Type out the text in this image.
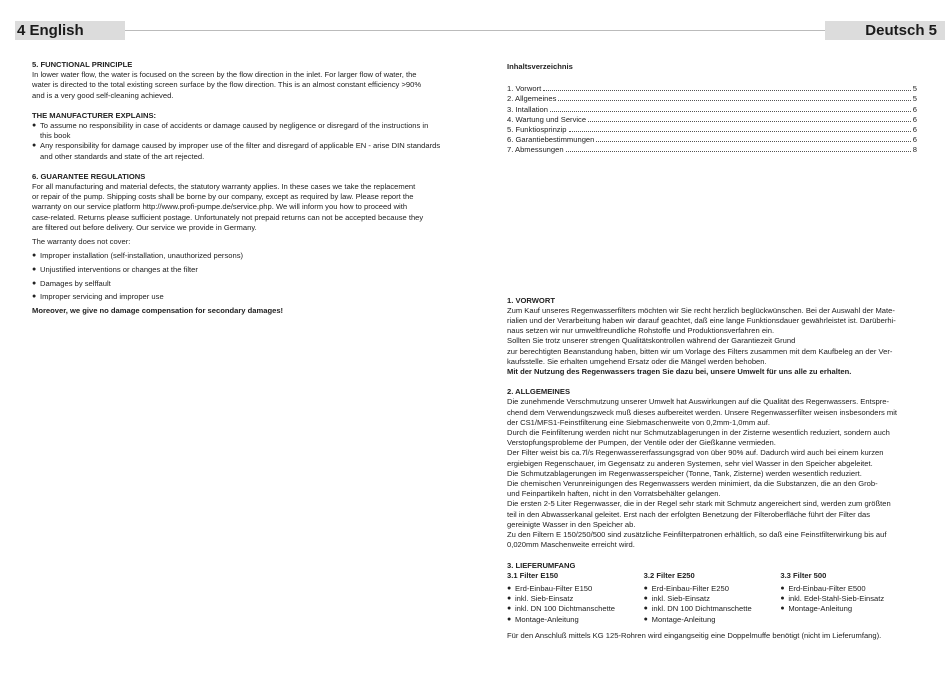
4 English	Deutsch 5
5. FUNCTIONAL PRINCIPLE

In lower water flow, the water is focused on the screen by the flow direction in the inlet. For larger flow of water, the

water is directed to the total existing screen surface by the flow direction. This is an almost constant efficiency >90%

and is a very good self-cleaning achieved.

THE MANUFACTURER EXPLAINS:
● To assume no responsibility in case of accidents or damage caused by negligence or disregard of the instructions in this book
● Any responsibility for damage caused by improper use of the filter and disregard of applicable EN - arise DIN standards and other standards and state of the art rejected.
6. GUARANTEE REGULATIONS

For all manufacturing and material defects, the statutory warranty applies. In these cases we take the replacement

or repair of the pump. Shipping costs shall be borne by our company, except as required by law. Please report the

warranty on our service platform http://www.profi-pumpe.de/service.php. We will inform you how to proceed with

case-related. Returns please sufficient postage. Unfortunately not prepaid returns can not be accepted because they

are filtered out before delivery. Our service we provide in Germany.

The warranty does not cover:

● Improper installation (self-installation, unauthorized persons)
● Unjustified interventions or changes at the filter
● Damages by selffault
● Improper servicing and improper use

Moreover, we give no damage compensation for secondary damages!

Inhaltsverzeichnis
1. Vorwort	5
2. Allgemeines	5
3. Intallation	6
4. Wartung und Service	6
5. Funktiosprinzip	6
6. Garantiebestimmungen	6
7. Abmessungen	8
1. VORWORT

Zum Kauf unseres Regenwasserfilters möchten wir Sie recht herzlich beglückwünschen. Bei der Auswahl der Mate-

rialien und der Verarbeitung haben wir darauf geachtet, daß eine lange Funktionsdauer gewährleistet ist. Darüberhi-

naus setzen wir nur umweltfreundliche Rohstoffe und Produktionsverfahren ein.

Sollten Sie trotz unserer strengen Qualitätskontrollen während der Garantiezeit Grund

zur berechtigten Beanstandung haben, bitten wir um Vorlage des Filters zusammen mit dem Kaufbeleg an der Ver-

kaufsstelle. Sie erhalten umgehend Ersatz oder die Mängel werden behoben.

Mit der Nutzung des Regenwassers tragen Sie dazu bei, unsere Umwelt für uns alle zu erhalten.

2. ALLGEMEINES

Die zunehmende Verschmutzung unserer Umwelt hat Auswirkungen auf die Qualität des Regenwassers. Entspre-

chend dem Verwendungszweck muß dieses aufbereitet werden. Unsere Regenwasserfilter weisen insbesonders mit

der CS1/MFS1-Feinstfilterung eine Siebmaschenweite von 0,2mm-1,0mm auf.

Durch die Feinfilterung werden nicht nur Schmutzablagerungen in der Zisterne wesentlich reduziert, sondern auch

Verstopfungsprobleme der Pumpen, der Ventile oder der Gießkanne vermieden.

Der Filter weist bis ca.7l/s Regenwassererfassungsgrad von über 90% auf. Dadurch wird auch bei einem kurzen

ergiebigen Regenschauer, im Gegensatz zu anderen Systemen, sehr viel Wasser in den Speicher abgeleitet.

Die Schmutzablagerungen im Regenwasserspeicher (Tonne, Tank, Zisterne) werden wesentlich reduziert.

Die chemischen Verunreinigungen des Regenwassers werden minimiert, da die Substanzen, die an den Grob-

und Feinpartikeln haften, nicht in den Vorratsbehälter gelangen.

Die ersten 2-5 Liter Regenwasser, die in der Regel sehr stark mit Schmutz angereichert sind, werden zum größten

teil in den Abwasserkanal geleitet. Erst nach der erfolgten Benetzung der Filteroberfläche führt der Filter das

gereinigte Wasser in den Speicher ab.

Zu den Filtern E 150/250/500 sind zusätzliche Feinfilterpatronen erhältlich, so daß eine Feinstfilterwirkung bis auf

0,020mm Maschenweite erreicht wird.

3. LIEFERUMFANG
3.1 Filter E150
● Erd-Einbau-Filter E150
● inkl. Sieb-Einsatz
● inkl. DN 100 Dichtmanschette
● Montage-Anleitung
3.2 Filter E250
● Erd-Einbau-Filter E250
● inkl. Sieb-Einsatz
● inkl. DN 100 Dichtmanschette
● Montage-Anleitung
3.3 Filter 500
● Erd-Einbau-Filter E500
● inkl. Edel-Stahl-Sieb-Einsatz
● Montage-Anleitung

Für den Anschluß mittels KG 125-Rohren wird eingangseitig eine Doppelmuffe benötigt (nicht im Lieferumfang).
